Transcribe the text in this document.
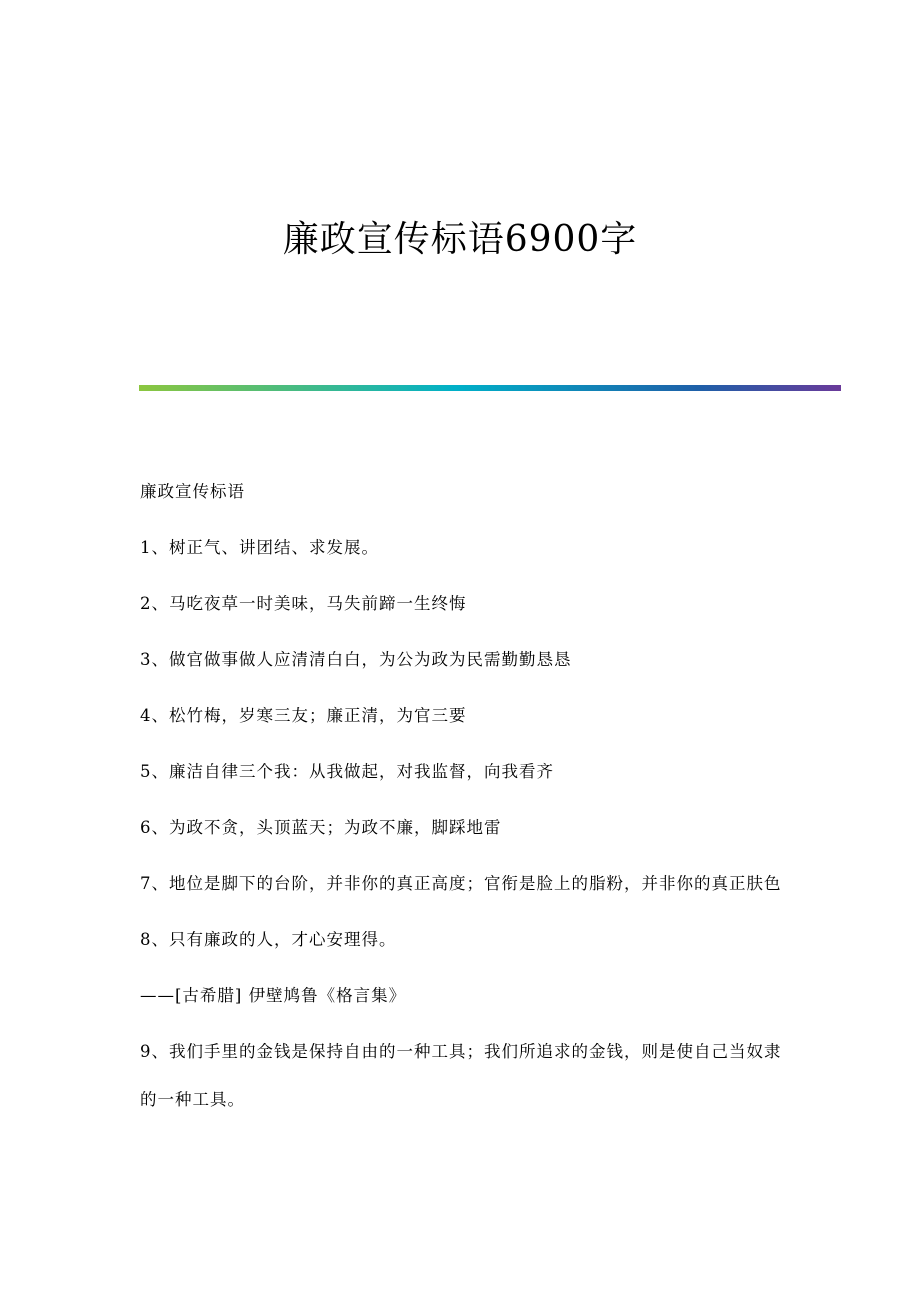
廉政宣传标语6900字

廉政宣传标语

1、树正气、讲团结、求发展。

2、马吃夜草一时美味，马失前蹄一生终悔

3、做官做事做人应清清白白，为公为政为民需勤勤恳恳

4、松竹梅，岁寒三友；廉正清，为官三要

5、廉洁自律三个我：从我做起，对我监督，向我看齐

6、为政不贪，头顶蓝天；为政不廉，脚踩地雷

7、地位是脚下的台阶，并非你的真正高度；官衔是脸上的脂粉，并非你的真正肤色

8、只有廉政的人，才心安理得。

——[古希腊] 伊壁鸠鲁《格言集》

9、我们手里的金钱是保持自由的一种工具；我们所追求的金钱，则是使自己当奴隶的一种工具。
